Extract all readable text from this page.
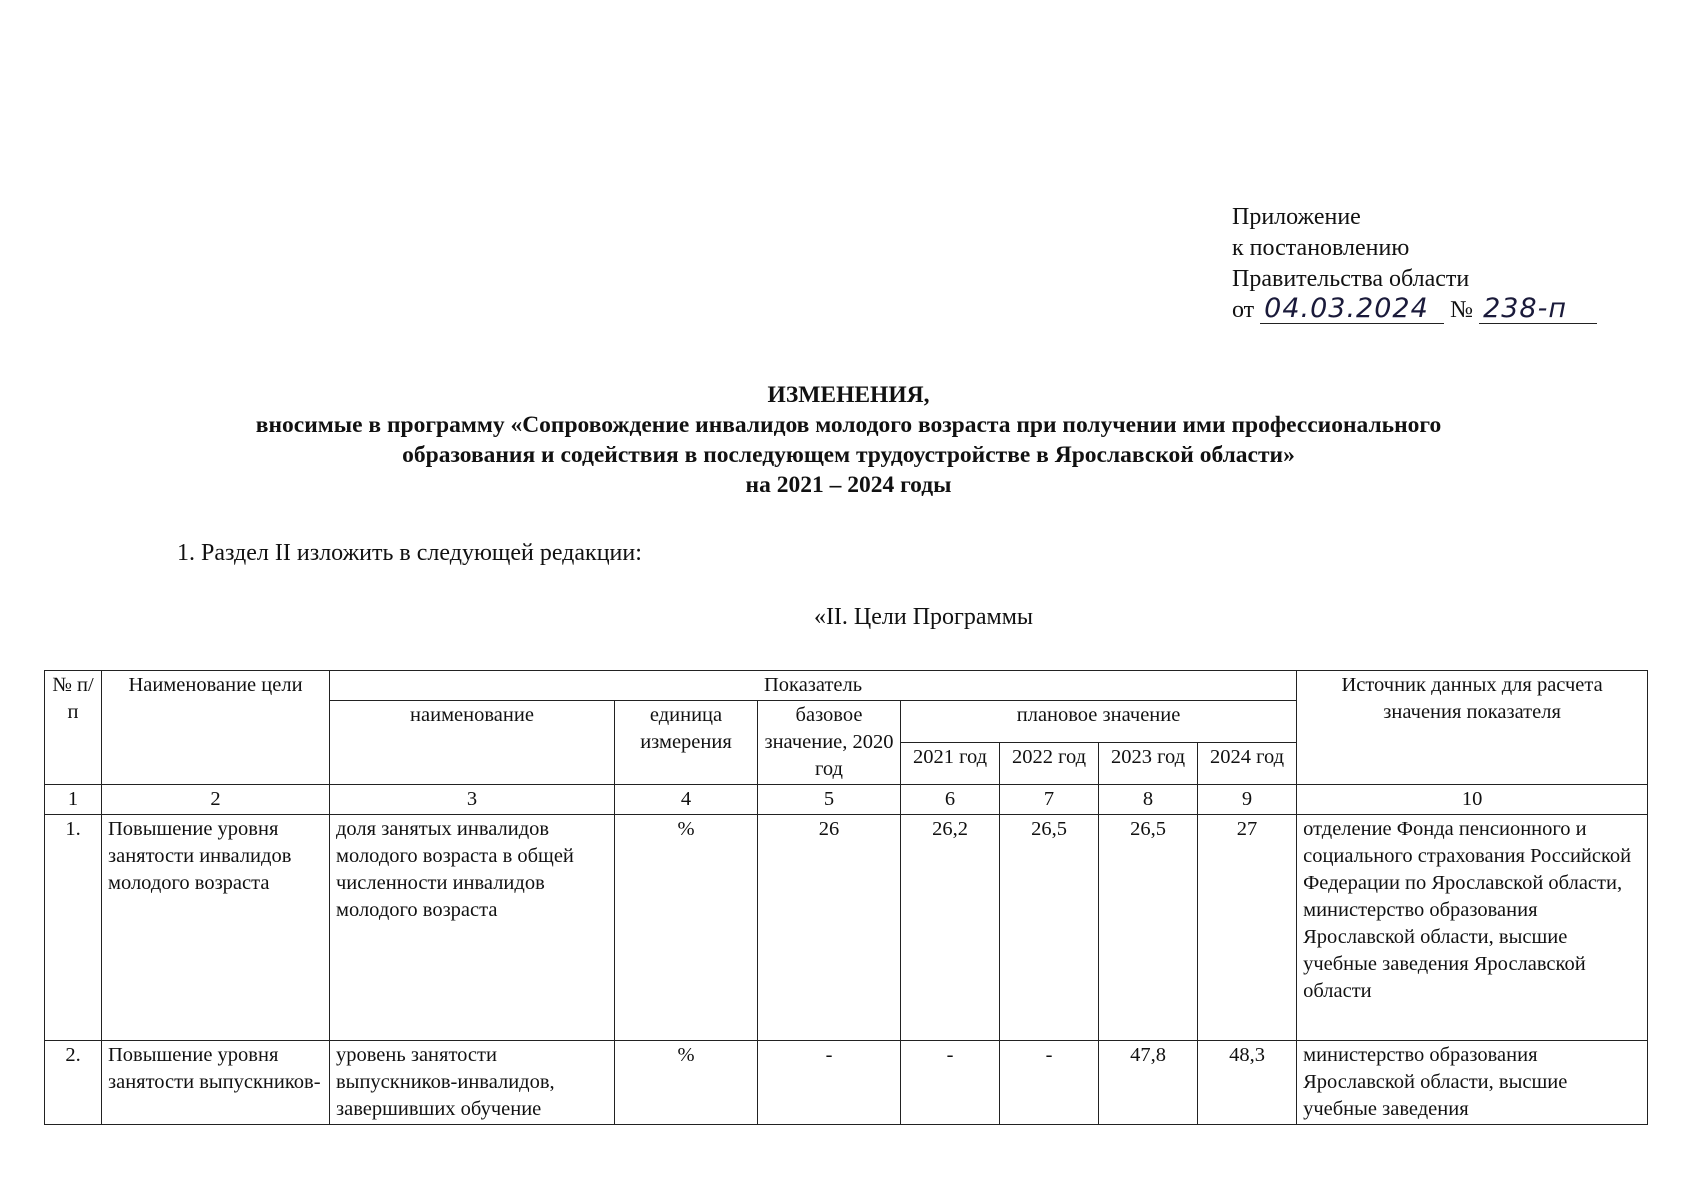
Приложение
к постановлению
Правительства области
от 04.03.2024 № 238-п
ИЗМЕНЕНИЯ,
вносимые в программу «Сопровождение инвалидов молодого возраста при получении ими профессионального
образования и содействия в последующем трудоустройстве в Ярославской области»
на 2021 – 2024 годы
1. Раздел II изложить в следующей редакции:
«II. Цели Программы
№ п/п	Наименование цели	Показатель							Источник данных для расчета значения показателя
		наименование	единица измерения	базовое значение, 2020 год	плановое значение				
					2021 год	2022 год	2023 год	2024 год	
1	2	3	4	5	6	7	8	9	10
1.	Повышение уровня занятости инвалидов молодого возраста	доля занятых инвалидов молодого возраста в общей численности инвалидов молодого возраста	%	26	26,2	26,5	26,5	27	отделение Фонда пенсионного и социального страхования Российской Федерации по Ярославской области, министерство образования Ярославской области, высшие учебные заведения Ярославской области
2.	Повышение уровня занятости выпускников-	уровень занятости выпускников-инвалидов, завершивших обучение	%	-	-	-	47,8	48,3	министерство образования Ярославской области, высшие учебные заведения
